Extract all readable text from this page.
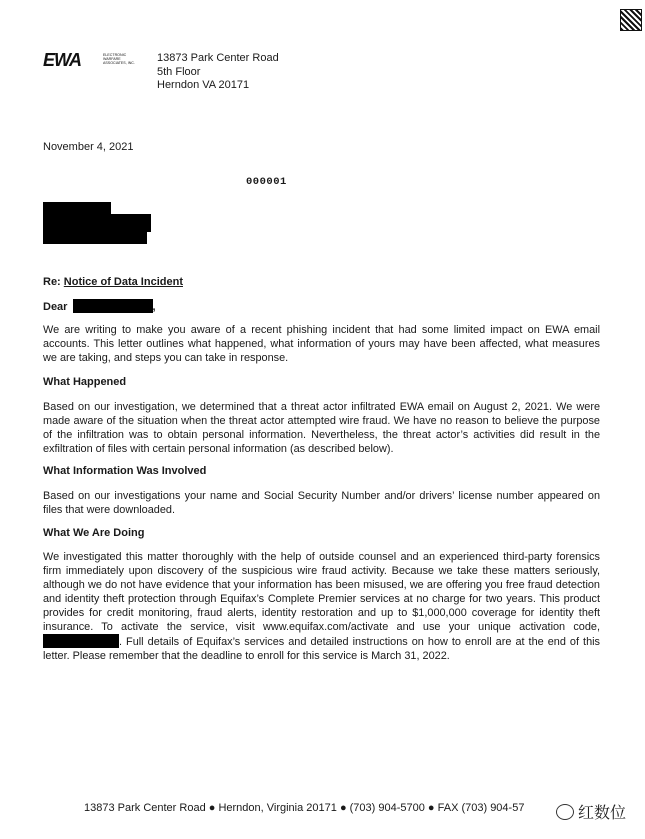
EWA	ELECTRONIC WARFARE ASSOCIATES, INC.	13873 Park Center Road
5th Floor
Herndon VA 20171
November 4, 2021
000001
Re: Notice of Data Incident
Dear	,

We are writing to make you aware of a recent phishing incident that had some limited impact on EWA email accounts. This letter outlines what happened, what information of yours may have been affected, what measures we are taking, and steps you can take in response.

What Happened

Based on our investigation, we determined that a threat actor infiltrated EWA email on August 2, 2021. We were made aware of the situation when the threat actor attempted wire fraud. We have no reason to believe the purpose of the infiltration was to obtain personal information. Nevertheless, the threat actor’s activities did result in the exfiltration of files with certain personal information (as described below).

What Information Was Involved

Based on our investigations your name and Social Security Number and/or drivers’ license number appeared on files that were downloaded.

What We Are Doing

We investigated this matter thoroughly with the help of outside counsel and an experienced third-party forensics firm immediately upon discovery of the suspicious wire fraud activity. Because we take these matters seriously, although we do not have evidence that your information has been misused, we are offering you free fraud detection and identity theft protection through Equifax’s Complete Premier services at no charge for two years. This product provides for credit monitoring, fraud alerts, identity restoration and up to $1,000,000 coverage for identity theft insurance. To activate the service, visit www.equifax.com/activate and use your unique activation code, . Full details of Equifax’s services and detailed instructions on how to enroll are at the end of this letter. Please remember that the deadline to enroll for this service is March 31, 2022.

13873 Park Center Road ● Herndon, Virginia 20171 ● (703) 904-5700 ● FAX (703) 904-57	红数位
